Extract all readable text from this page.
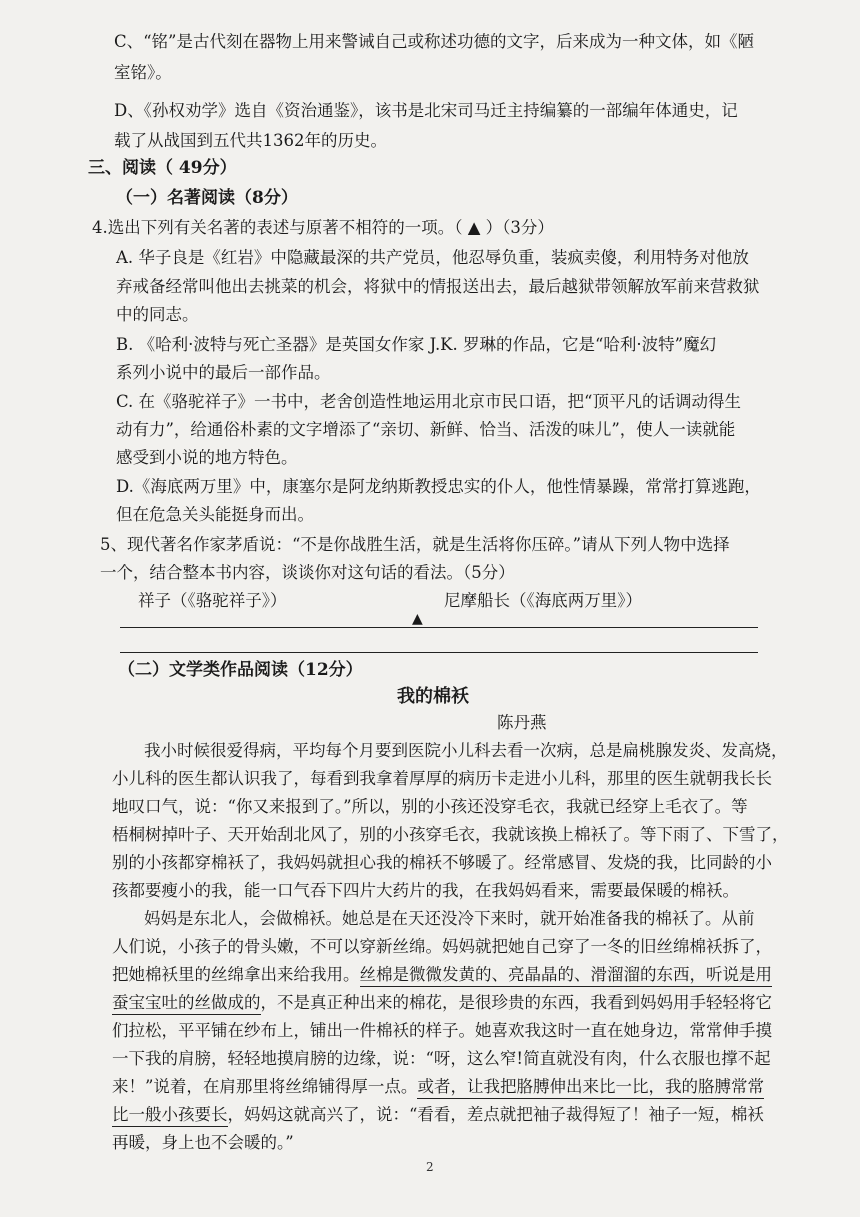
C、“铭”是古代刻在器物上用来警诫自己或称述功德的文字，后来成为一种文体，如《陋
室铭》。
D、《孙权劝学》选自《资治通鉴》，该书是北宋司马迁主持编纂的一部编年体通史，记
载了从战国到五代共1362年的历史。
三、阅读（ 49分）
（一）名著阅读（8分）
4.选出下列有关名著的表述与原著不相符的一项。（ ▲ ）（3分）
A. 华子良是《红岩》中隐藏最深的共产党员，他忍辱负重，装疯卖傻，利用特务对他放
弃戒备经常叫他出去挑菜的机会，将狱中的情报送出去，最后越狱带领解放军前来营救狱
中的同志。
B. 《哈利·波特与死亡圣器》是英国女作家 J.K. 罗琳的作品，它是“哈利·波特”魔幻
系列小说中的最后一部作品。
C. 在《骆驼祥子》一书中，老舍创造性地运用北京市民口语，把“顶平凡的话调动得生
动有力”，给通俗朴素的文字增添了“亲切、新鲜、恰当、活泼的味儿”，使人一读就能
感受到小说的地方特色。
D.《海底两万里》中，康塞尔是阿龙纳斯教授忠实的仆人，他性情暴躁，常常打算逃跑，
但在危急关头能挺身而出。
5、现代著名作家茅盾说：“不是你战胜生活，就是生活将你压碎。”请从下列人物中选择
一个，结合整本书内容，谈谈你对这句话的看法。（5分）
祥子（《骆驼祥子》）	尼摩船长（《海底两万里》）
▲
（二）文学类作品阅读（12分）
我的棉袄
陈丹燕
我小时候很爱得病，平均每个月要到医院小儿科去看一次病，总是扁桃腺发炎、发高烧，
小儿科的医生都认识我了，每看到我拿着厚厚的病历卡走进小儿科，那里的医生就朝我长长
地叹口气，说：“你又来报到了。”所以，别的小孩还没穿毛衣，我就已经穿上毛衣了。等
梧桐树掉叶子、天开始刮北风了，别的小孩穿毛衣，我就该换上棉袄了。等下雨了、下雪了，
别的小孩都穿棉袄了，我妈妈就担心我的棉袄不够暖了。经常感冒、发烧的我，比同龄的小
孩都要瘦小的我，能一口气吞下四片大药片的我，在我妈妈看来，需要最保暖的棉袄。
妈妈是东北人，会做棉袄。她总是在天还没冷下来时，就开始准备我的棉袄了。从前
人们说，小孩子的骨头嫩，不可以穿新丝绵。妈妈就把她自己穿了一冬的旧丝绵棉袄拆了，
把她棉袄里的丝绵拿出来给我用。丝棉是微微发黄的、亮晶晶的、滑溜溜的东西，听说是用
蚕宝宝吐的丝做成的，不是真正种出来的棉花，是很珍贵的东西，我看到妈妈用手轻轻将它
们拉松，平平铺在纱布上，铺出一件棉袄的样子。她喜欢我这时一直在她身边，常常伸手摸
一下我的肩膀，轻轻地摸肩膀的边缘，说：“呀，这么窄!简直就没有肉，什么衣服也撑不起
来！”说着，在肩那里将丝绵铺得厚一点。或者，让我把胳膊伸出来比一比，我的胳膊常常
比一般小孩要长，妈妈这就高兴了，说：“看看，差点就把袖子裁得短了！袖子一短，棉袄
再暖，身上也不会暖的。”
2
